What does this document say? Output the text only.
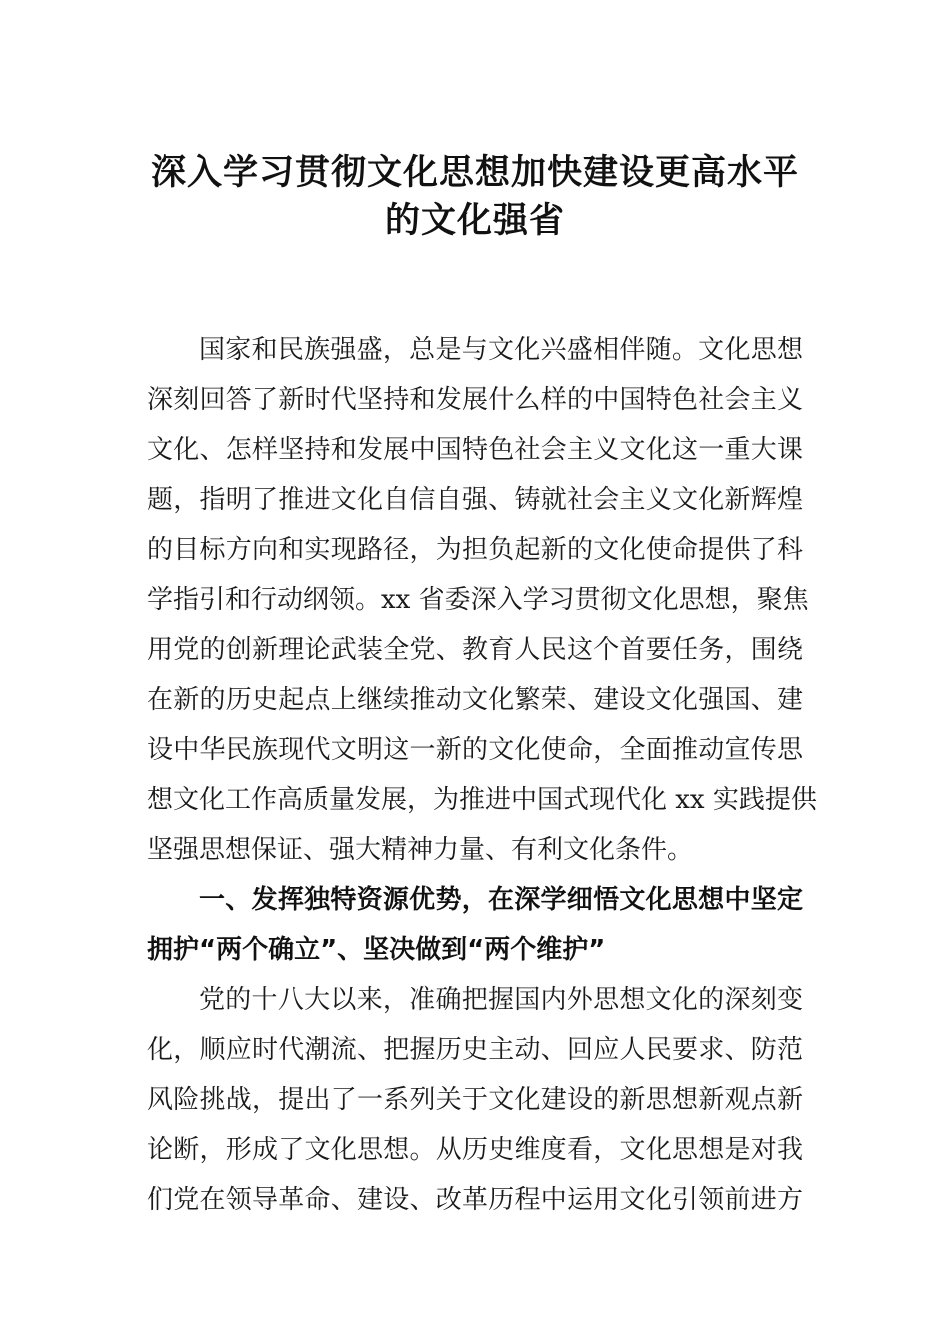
深入学习贯彻文化思想加快建设更高水平
的文化强省
国家和民族强盛，总是与文化兴盛相伴随。文化思想
深刻回答了新时代坚持和发展什么样的中国特色社会主义
文化、怎样坚持和发展中国特色社会主义文化这一重大课
题，指明了推进文化自信自强、铸就社会主义文化新辉煌
的目标方向和实现路径，为担负起新的文化使命提供了科
学指引和行动纲领。xx 省委深入学习贯彻文化思想，聚焦
用党的创新理论武装全党、教育人民这个首要任务，围绕
在新的历史起点上继续推动文化繁荣、建设文化强国、建
设中华民族现代文明这一新的文化使命，全面推动宣传思
想文化工作高质量发展，为推进中国式现代化 xx 实践提供
坚强思想保证、强大精神力量、有利文化条件。
一、发挥独特资源优势，在深学细悟文化思想中坚定
拥护“两个确立”、坚决做到“两个维护”
党的十八大以来，准确把握国内外思想文化的深刻变
化，顺应时代潮流、把握历史主动、回应人民要求、防范
风险挑战，提出了一系列关于文化建设的新思想新观点新
论断，形成了文化思想。从历史维度看，文化思想是对我
们党在领导革命、建设、改革历程中运用文化引领前进方
